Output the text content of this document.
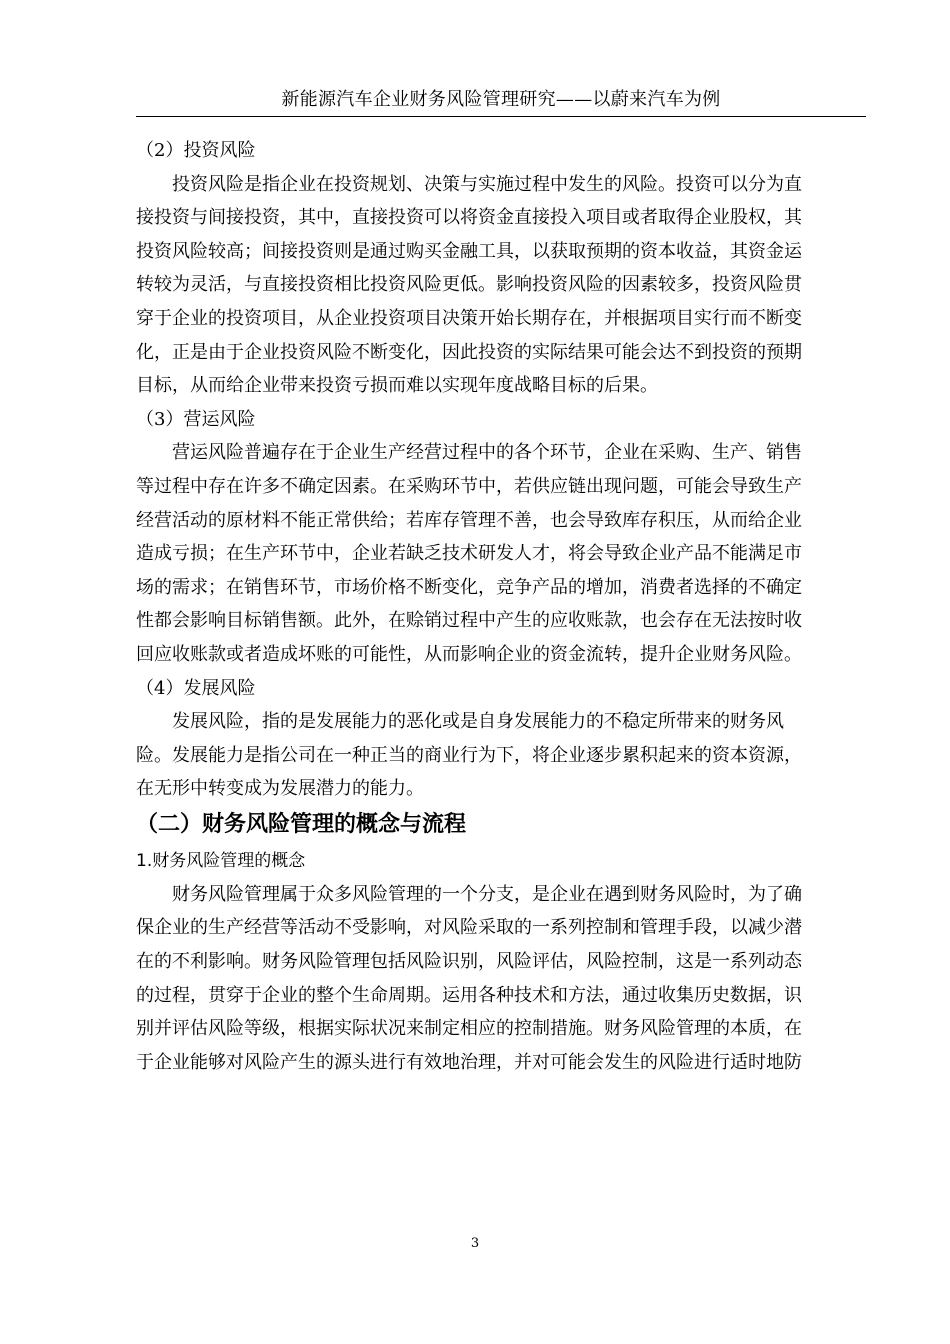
新能源汽车企业财务风险管理研究——以蔚来汽车为例
（2）投资风险

投资风险是指企业在投资规划、决策与实施过程中发生的风险。投资可以分为直

接投资与间接投资，其中，直接投资可以将资金直接投入项目或者取得企业股权，其

投资风险较高；间接投资则是通过购买金融工具，以获取预期的资本收益，其资金运

转较为灵活，与直接投资相比投资风险更低。影响投资风险的因素较多，投资风险贯

穿于企业的投资项目，从企业投资项目决策开始长期存在，并根据项目实行而不断变

化，正是由于企业投资风险不断变化，因此投资的实际结果可能会达不到投资的预期

目标，从而给企业带来投资亏损而难以实现年度战略目标的后果。

（3）营运风险

营运风险普遍存在于企业生产经营过程中的各个环节，企业在采购、生产、销售

等过程中存在许多不确定因素。在采购环节中，若供应链出现问题，可能会导致生产

经营活动的原材料不能正常供给；若库存管理不善，也会导致库存积压，从而给企业

造成亏损；在生产环节中，企业若缺乏技术研发人才，将会导致企业产品不能满足市

场的需求；在销售环节，市场价格不断变化，竞争产品的增加，消费者选择的不确定

性都会影响目标销售额。此外，在赊销过程中产生的应收账款，也会存在无法按时收

回应收账款或者造成坏账的可能性，从而影响企业的资金流转，提升企业财务风险。

（4）发展风险

发展风险，指的是发展能力的恶化或是自身发展能力的不稳定所带来的财务风

险。发展能力是指公司在一种正当的商业行为下，将企业逐步累积起来的资本资源，

在无形中转变成为发展潜力的能力。

（二）财务风险管理的概念与流程
1.财务风险管理的概念

财务风险管理属于众多风险管理的一个分支，是企业在遇到财务风险时，为了确

保企业的生产经营等活动不受影响，对风险采取的一系列控制和管理手段，以减少潜

在的不利影响。财务风险管理包括风险识别，风险评估，风险控制，这是一系列动态

的过程，贯穿于企业的整个生命周期。运用各种技术和方法，通过收集历史数据，识

别并评估风险等级，根据实际状况来制定相应的控制措施。财务风险管理的本质，在

于企业能够对风险产生的源头进行有效地治理，并对可能会发生的风险进行适时地防

3
